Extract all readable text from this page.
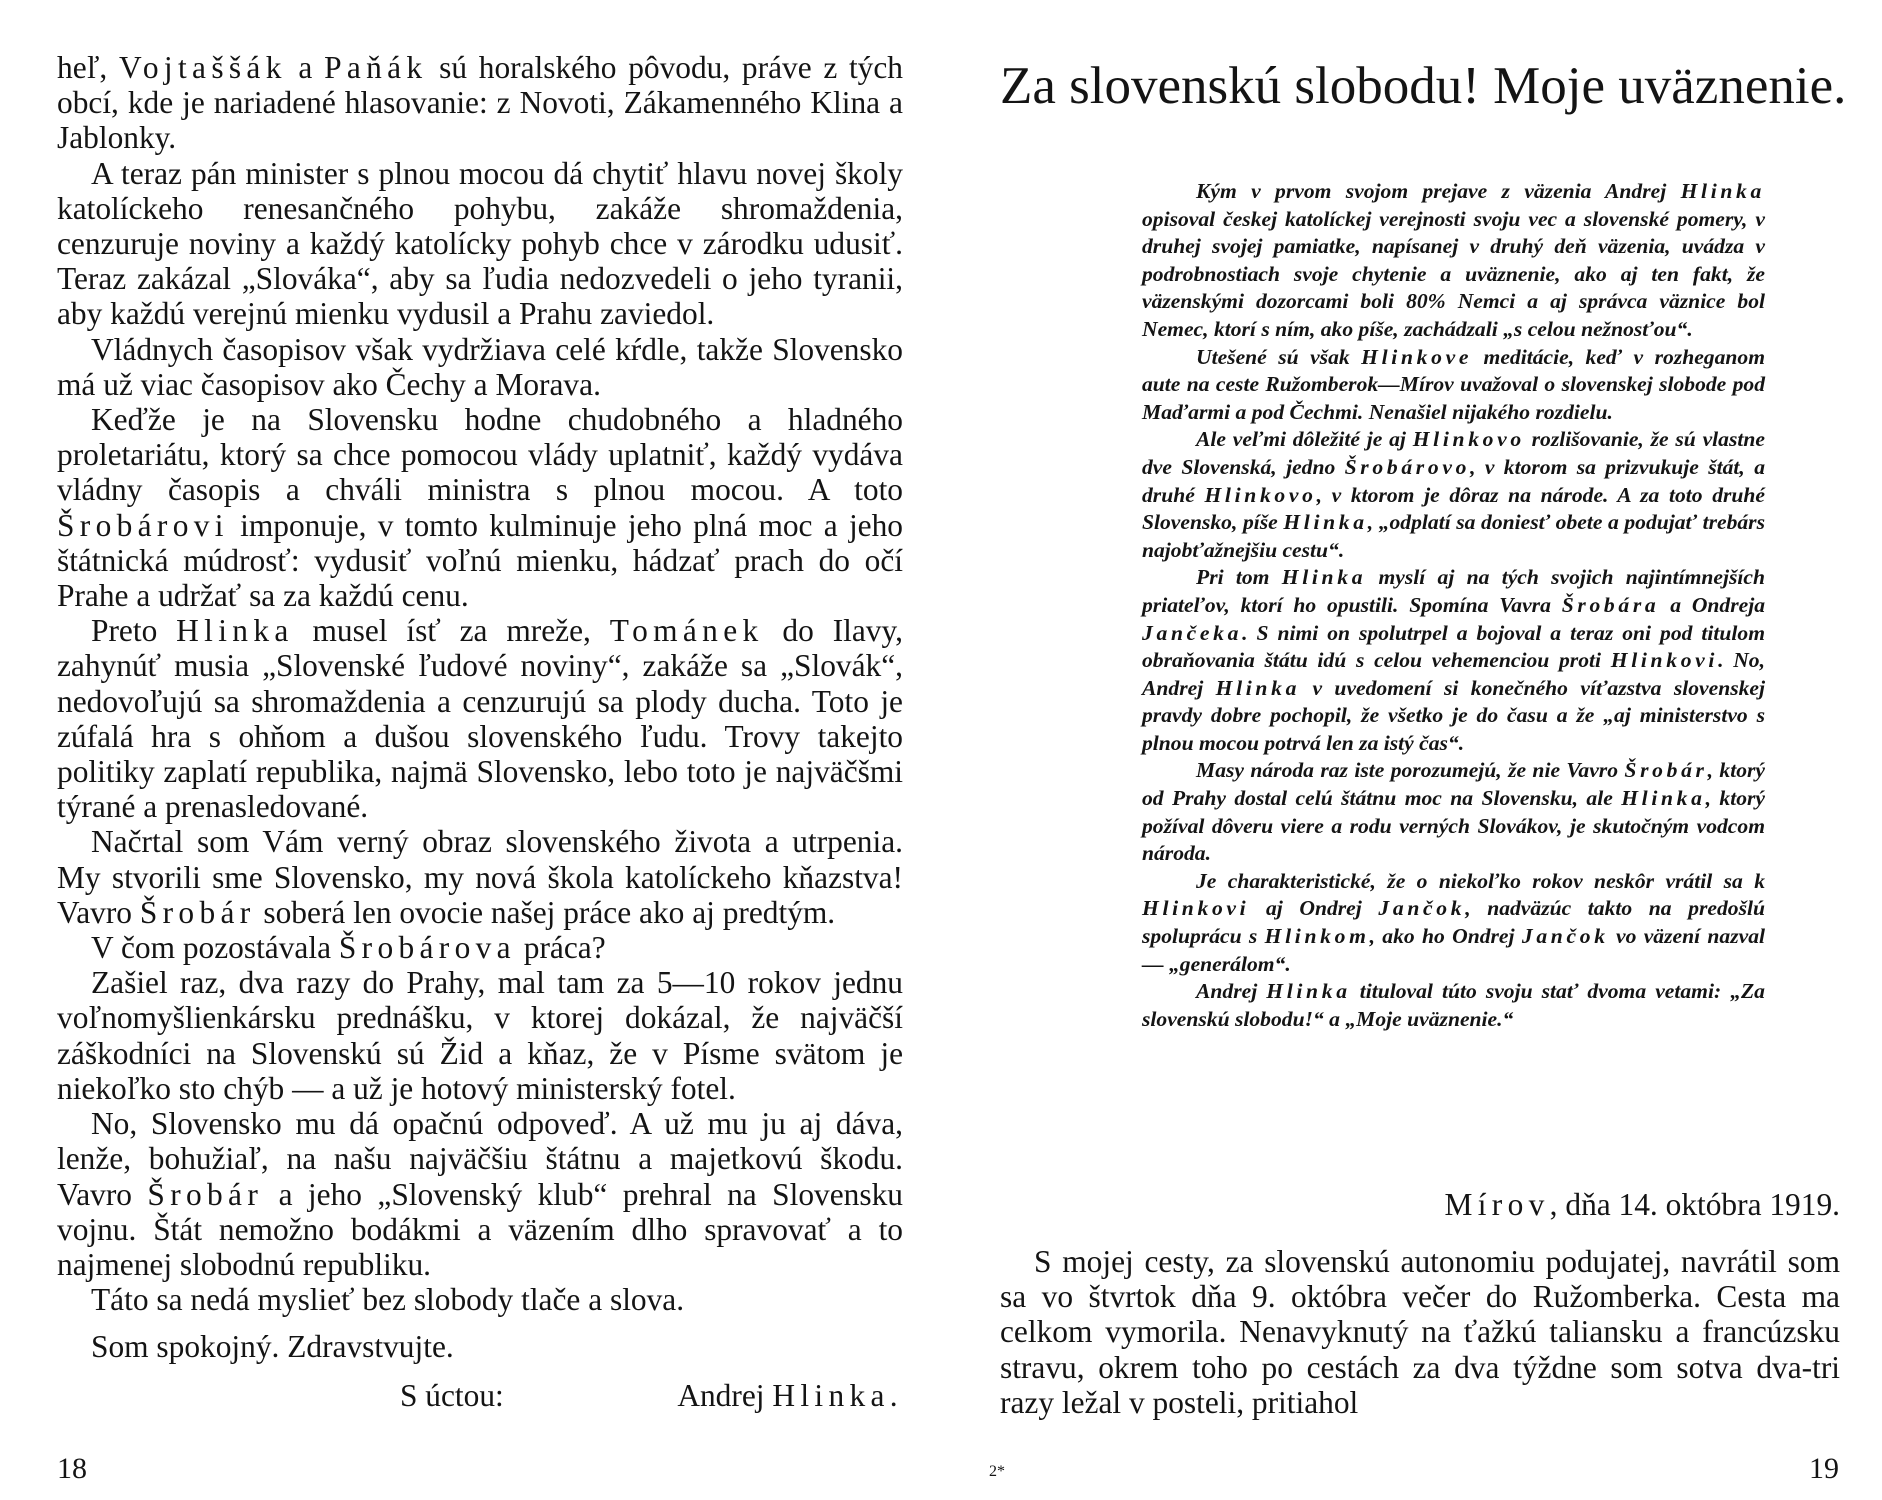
heľ, Vojtaššák a Paňák sú horalského pôvodu, práve z tých obcí, kde je nariadené hlasovanie: z Novoti, Zákamenného Klina a Jablonky.

A teraz pán minister s plnou mocou dá chytiť hlavu novej školy katolíckeho renesančného pohybu, zakáže shromaždenia, cenzuruje noviny a každý katolícky pohyb chce v zárodku udusiť. Teraz zakázal „Slováka“, aby sa ľudia nedozvedeli o jeho tyranii, aby každú verejnú mienku vydusil a Prahu zaviedol.

Vládnych časopisov však vydržiava celé kŕdle, takže Slovensko má už viac časopisov ako Čechy a Morava.

Keďže je na Slovensku hodne chudobného a hladného proletariátu, ktorý sa chce pomocou vlády uplatniť, každý vydáva vládny časopis a chváli ministra s plnou mocou. A toto Šrobárovi imponuje, v tomto kulminuje jeho plná moc a jeho štátnická múdrosť: vydusiť voľnú mienku, hádzať prach do očí Prahe a udržať sa za každú cenu.

Preto Hlinka musel ísť za mreže, Tománek do Ilavy, zahynúť musia „Slovenské ľudové noviny“, zakáže sa „Slovák“, nedovoľujú sa shromaždenia a cenzurujú sa plody ducha. Toto je zúfalá hra s ohňom a dušou slovenského ľudu. Trovy takejto politiky zaplatí republika, najmä Slovensko, lebo toto je najväčšmi týrané a prenasledované.

Načrtal som Vám verný obraz slovenského života a utrpenia. My stvorili sme Slovensko, my nová škola katolíckeho kňazstva! Vavro Šrobár soberá len ovocie našej práce ako aj predtým.

V čom pozostávala Šrobárova práca?

Zašiel raz, dva razy do Prahy, mal tam za 5—10 rokov jednu voľnomyšlienkársku prednášku, v ktorej dokázal, že najväčší záškodníci na Slovenskú sú Žid a kňaz, že v Písme svätom je niekoľko sto chýb — a už je hotový ministerský fotel.

No, Slovensko mu dá opačnú odpoveď. A už mu ju aj dáva, lenže, bohužiaľ, na našu najväčšiu štátnu a majetkovú škodu. Vavro Šrobár a jeho „Slovenský klub“ prehral na Slovensku vojnu. Štát nemožno bodákmi a väzením dlho spravovať a to najmenej slobodnú republiku.

Táto sa nedá myslieť bez slobody tlače a slova.

Som spokojný. Zdravstvujte.

S úctou:	Andrej Hlinka.
18
Za slovenskú slobodu! Moje uväznenie.

Kým v prvom svojom prejave z väzenia Andrej Hlinka opisoval českej katolíckej verejnosti svoju vec a slovenské pomery, v druhej svojej pamiatke, napísanej v druhý deň väzenia, uvádza v podrobnostiach svoje chytenie a uväznenie, ako aj ten fakt, že väzenskými dozorcami boli 80% Nemci a aj správca väznice bol Nemec, ktorí s ním, ako píše, zachádzali „s celou nežnosťou“.

Utešené sú však Hlinkove meditácie, keď v rozheganom aute na ceste Ružomberok—Mírov uvažoval o slovenskej slobode pod Maďarmi a pod Čechmi. Nenašiel nijakého rozdielu.

Ale veľmi dôležité je aj Hlinkovo rozlišovanie, že sú vlastne dve Slovenská, jedno Šrobárovo, v ktorom sa prizvukuje štát, a druhé Hlinkovo, v ktorom je dôraz na národe. A za toto druhé Slovensko, píše Hlinka, „odplatí sa doniesť obete a podujať trebárs najobťažnejšiu cestu“.

Pri tom Hlinka myslí aj na tých svojich najintímnejších priateľov, ktorí ho opustili. Spomína Vavra Šrobára a Ondreja Jančeka. S nimi on spolutrpel a bojoval a teraz oni pod titulom obraňovania štátu idú s celou vehemenciou proti Hlinkovi. No, Andrej Hlinka v uvedomení si konečného víťazstva slovenskej pravdy dobre pochopil, že všetko je do času a že „aj ministerstvo s plnou mocou potrvá len za istý čas“.

Masy národa raz iste porozumejú, že nie Vavro Šrobár, ktorý od Prahy dostal celú štátnu moc na Slovensku, ale Hlinka, ktorý požíval dôveru viere a rodu verných Slovákov, je skutočným vodcom národa.

Je charakteristické, že o niekoľko rokov neskôr vrátil sa k Hlinkovi aj Ondrej Jančok, nadväzúc takto na predošlú spoluprácu s Hlinkom, ako ho Ondrej Jančok vo väzení nazval — „generálom“.

Andrej Hlinka tituloval túto svoju stať dvoma vetami: „Za slovenskú slobodu!“ a „Moje uväznenie.“

Mírov, dňa 14. októbra 1919.

S mojej cesty, za slovenskú autonomiu podujatej, navrátil som sa vo štvrtok dňa 9. októbra večer do Ružomberka. Cesta ma celkom vymorila. Nenavyknutý na ťažkú taliansku a francúzsku stravu, okrem toho po cestách za dva týždne som sotva dva-tri razy ležal v posteli, pritiahol

2*	19
